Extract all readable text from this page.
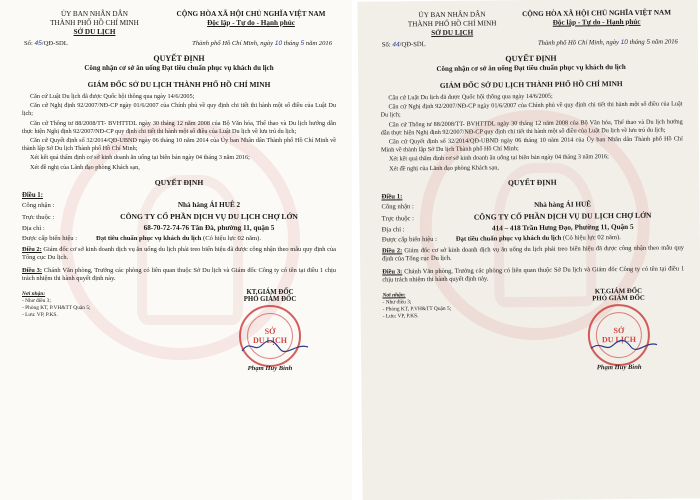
ỦY BAN NHÂN DÂN
THÀNH PHỐ HỒ CHÍ MINH
SỞ DU LỊCH
CỘNG HÒA XÃ HỘI CHỦ NGHĨA VIỆT NAM
Độc lập - Tự do - Hạnh phúc
Số: 45/QĐ-SDL	Thành phố Hồ Chí Minh, ngày 10 tháng 5 năm 2016
QUYẾT ĐỊNH
Công nhận cơ sở ăn uống Đạt tiêu chuẩn phục vụ khách du lịch
GIÁM ĐỐC SỞ DU LỊCH THÀNH PHỐ HỒ CHÍ MINH
Căn cứ Luật Du lịch đã được Quốc hội thông qua ngày 14/6/2005;
Căn cứ Nghị định 92/2007/NĐ-CP ngày 01/6/2007 của Chính phủ về quy định chi tiết thi hành một số điều của Luật Du lịch;
Căn cứ Thông tư 88/2008/TT- BVHTTDL ngày 30 tháng 12 năm 2008 của Bộ Văn hóa, Thể thao và Du lịch hướng dẫn thực hiện Nghị định 92/2007/NĐ-CP quy định chi tiết thi hành một số điều của Luật Du lịch về lưu trú du lịch;
Căn cứ Quyết định số 32/2014/QĐ-UBND ngày 06 tháng 10 năm 2014 của Ủy ban Nhân dân Thành phố Hồ Chí Minh về thành lập Sở Du lịch Thành phố Hồ Chí Minh;
Xét kết quả thẩm định cơ sở kinh doanh ăn uống tại biên bản ngày 04 tháng 3 năm 2016;
Xét đề nghị của Lãnh đạo phòng Khách sạn,
QUYẾT ĐỊNH
Điều 1:
Công nhận :	Nhà hàng ÁI HUÊ 2
Trực thuộc :	CÔNG TY CỔ PHẦN DỊCH VỤ DU LỊCH CHỢ LỚN
Địa chỉ :	68-70-72-74-76 Tân Đà, phường 11, quận 5
Được cấp biển hiệu :	Đạt tiêu chuẩn phục vụ khách du lịch (Có hiệu lực 02 năm).
Điều 2: Giám đốc cơ sở kinh doanh dịch vụ ăn uống du lịch phải treo biển hiệu đã được công nhận theo mẫu quy định của Tổng cục Du lịch.
Điều 3: Chánh Văn phòng, Trưởng các phòng có liên quan thuộc Sở Du lịch và Giám đốc Công ty có tên tại điều 1 chịu trách nhiệm thi hành quyết định này.
Nơi nhận:
- Như điều 3;
- Phòng KT, P.VH&TT Quận 5;
- Lưu: VP, P.KS.
KT.GIÁM ĐỐC
PHÓ GIÁM ĐỐC
SỞ
DU LỊCH
Phạm Huy Bình
ỦY BAN NHÂN DÂN
THÀNH PHỐ HỒ CHÍ MINH
SỞ DU LỊCH
CỘNG HÒA XÃ HỘI CHỦ NGHĨA VIỆT NAM
Độc lập - Tự do - Hạnh phúc
Số: 44/QĐ-SDL	Thành phố Hồ Chí Minh, ngày 10 tháng 5 năm 2016
QUYẾT ĐỊNH
Công nhận cơ sở ăn uống Đạt tiêu chuẩn phục vụ khách du lịch
GIÁM ĐỐC SỞ DU LỊCH THÀNH PHỐ HỒ CHÍ MINH
Căn cứ Luật Du lịch đã được Quốc hội thông qua ngày 14/6/2005;
Căn cứ Nghị định 92/2007/NĐ-CP ngày 01/6/2007 của Chính phủ về quy định chi tiết thi hành một số điều của Luật Du lịch;
Căn cứ Thông tư 88/2008/TT- BVHTTDL ngày 30 tháng 12 năm 2008 của Bộ Văn hóa, Thể thao và Du lịch hướng dẫn thực hiện Nghị định 92/2007/NĐ-CP quy định chi tiết thi hành một số điều của Luật Du lịch về lưu trú du lịch;
Căn cứ Quyết định số 32/2014/QĐ-UBND ngày 06 tháng 10 năm 2014 của Ủy ban Nhân dân Thành phố Hồ Chí Minh về thành lập Sở Du lịch Thành phố Hồ Chí Minh;
Xét kết quả thẩm định cơ sở kinh doanh ăn uống tại biên bản ngày 04 tháng 3 năm 2016;
Xét đề nghị của Lãnh đạo phòng Khách sạn,
QUYẾT ĐỊNH
Điều 1:
Công nhận :	Nhà hàng ÁI HUÊ
Trực thuộc :	CÔNG TY CỔ PHẦN DỊCH VỤ DU LỊCH CHỢ LỚN
Địa chỉ :	414 – 418 Trần Hưng Đạo, Phường 11, Quận 5
Được cấp biển hiệu :	Đạt tiêu chuẩn phục vụ khách du lịch (Có hiệu lực 02 năm).
Điều 2: Giám đốc cơ sở kinh doanh dịch vụ ăn uống du lịch phải treo biển hiệu đã được công nhận theo mẫu quy định của Tổng cục Du lịch.
Điều 3: Chánh Văn phòng, Trưởng các phòng có liên quan thuộc Sở Du lịch và Giám đốc Công ty có tên tại điều 1 chịu trách nhiệm thi hành quyết định này.
Nơi nhận:
- Như điều 3;
- Phòng KT, P.VH&TT Quận 5;
- Lưu: VP, P.KS.
KT.GIÁM ĐỐC
PHÓ GIÁM ĐỐC
SỞ
DU LỊCH
Phạm Huy Bình
